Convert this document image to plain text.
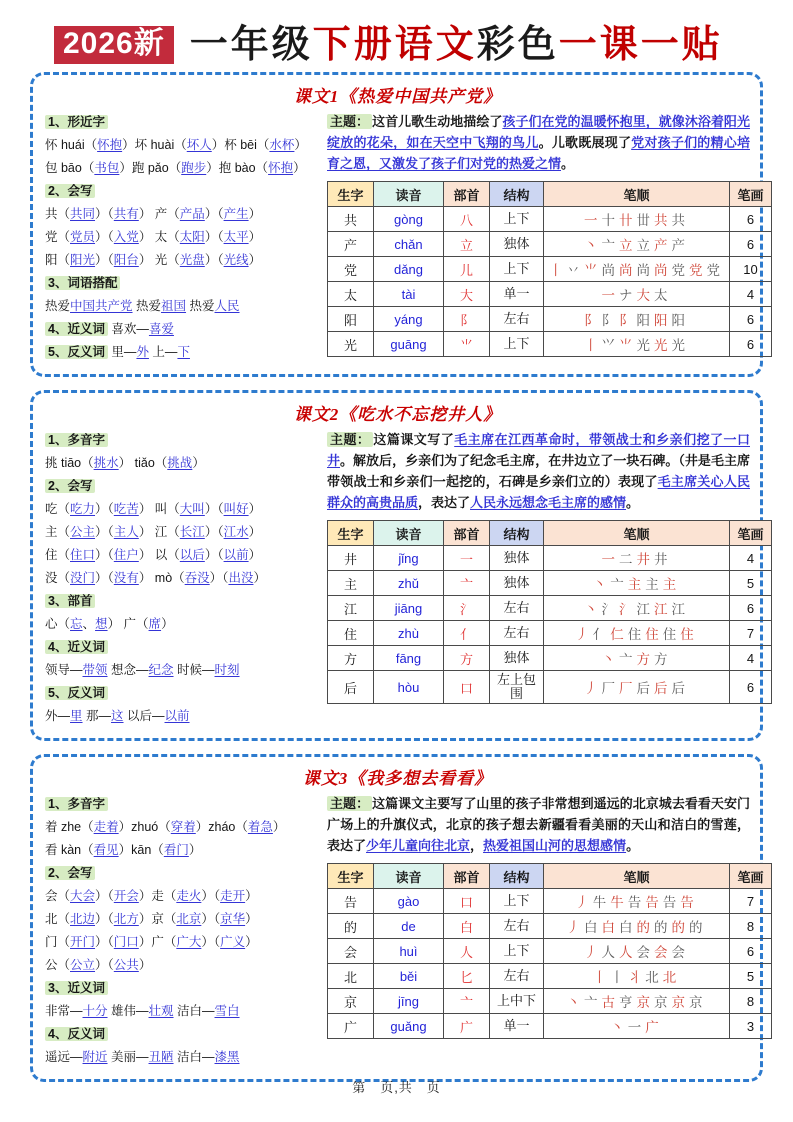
2026新 一年级下册语文彩色一课一贴
课文1《热爱中国共产党》
1、形近字
怀 huái（怀抱）坏 huài（坏人）杯 bēi（水杯）
包 bāo（书包）跑 pǎo（跑步）抱 bào（怀抱）
2、会写
共（共同）（共有） 产（产品）（产生）
党（党员）（入党） 太（太阳）（太平）
阳（阳光）（阳台） 光（光盘）（光线）
3、词语搭配
热爱中国共产党 热爱祖国 热爱人民
4、近义词 喜欢—喜爱
5、反义词 里—外 上—下

主题： 这首儿歌生动地描绘了孩子们在党的温暖怀抱里，就像沐浴着阳光绽放的花朵，如在天空中飞翔的鸟儿。儿歌既展现了党对孩子们的精心培育之恩，又激发了孩子们对党的热爱之情。

生字	读音	部首	结构	笔顺	笔画
共	gòng	八	上下	一 十 卄 丗 共 共	6
产	chǎn	立	独体	丶 亠 立 立 产 产	6
党	dǎng	儿	上下	丨 丷 ⺌ 尚 尚 尚 尚 党 党 党	10
太	tài	大	单一	一 ナ 大 太	4
阳	yáng	阝	左右	阝 阝 阝 阳 阳 阳	6
光	guāng	⺌	上下	丨 ⺍ ⺌ 光 光 光	6
课文2《吃水不忘挖井人》
1、多音字
挑 tiāo（挑水） tiǎo（挑战）
2、会写
吃（吃力）（吃苦） 叫（大叫）（叫好）
主（公主）（主人） 江（长江）（江水）
住（住口）（住户） 以（以后）（以前）
没（没门）（没有） mò（吞没）（出没）
3、部首
心（忘、想） 广（席）
4、近义词
领导—带领 想念—纪念 时候—时刻
5、反义词
外—里 那—这 以后—以前

主题： 这篇课文写了毛主席在江西革命时，带领战士和乡亲们挖了一口井。解放后，乡亲们为了纪念毛主席，在井边立了一块石碑。（井是毛主席带领战士和乡亲们一起挖的，石碑是乡亲们立的）表现了毛主席关心人民群众的高贵品质，表达了人民永远想念毛主席的感情。

生字	读音	部首	结构	笔顺	笔画
井	jǐng	一	独体	一 二 井 井	4
主	zhǔ	亠	独体	丶 亠 主 主 主	5
江	jiāng	氵	左右	丶 氵 氵 江 江 江	6
住	zhù	亻	左右	丿 亻 仁 住 住 住 住	7
方	fāng	方	独体	丶 亠 方 方	4
后	hòu	口	左上包围	丿 厂 厂 后 后 后	6
课文3《我多想去看看》
1、多音字
着 zhe（走着）zhuó（穿着）zháo（着急）
看 kàn（看见）kān（看门）
2、会写
会（大会）（开会）走（走火）（走开）
北（北边）（北方）京（北京）（京华）
门（开门）（门口）广（广大）（广义）
公（公立）（公共）
3、近义词
非常—十分 雄伟—壮观 洁白—雪白
4、反义词
遥远—附近 美丽—丑陋 洁白—漆黑

主题： 这篇课文主要写了山里的孩子非常想到遥远的北京城去看看天安门广场上的升旗仪式，北京的孩子想去新疆看看美丽的天山和洁白的雪莲，表达了少年儿童向往北京，热爱祖国山河的思想感情。

生字	读音	部首	结构	笔顺	笔画
告	gào	口	上下	丿 牛 牛 告 告 告 告	7
的	de	白	左右	丿 白 白 白 的 的 的 的	8
会	huì	人	上下	丿 人 人 会 会 会	6
北	běi	匕	左右	丨 丨 丬 北 北	5
京	jīng	亠	上中下	丶 亠 古 亨 京 京 京 京	8
广	guǎng	广	单一	丶 一 广	3
第　页,共　页
